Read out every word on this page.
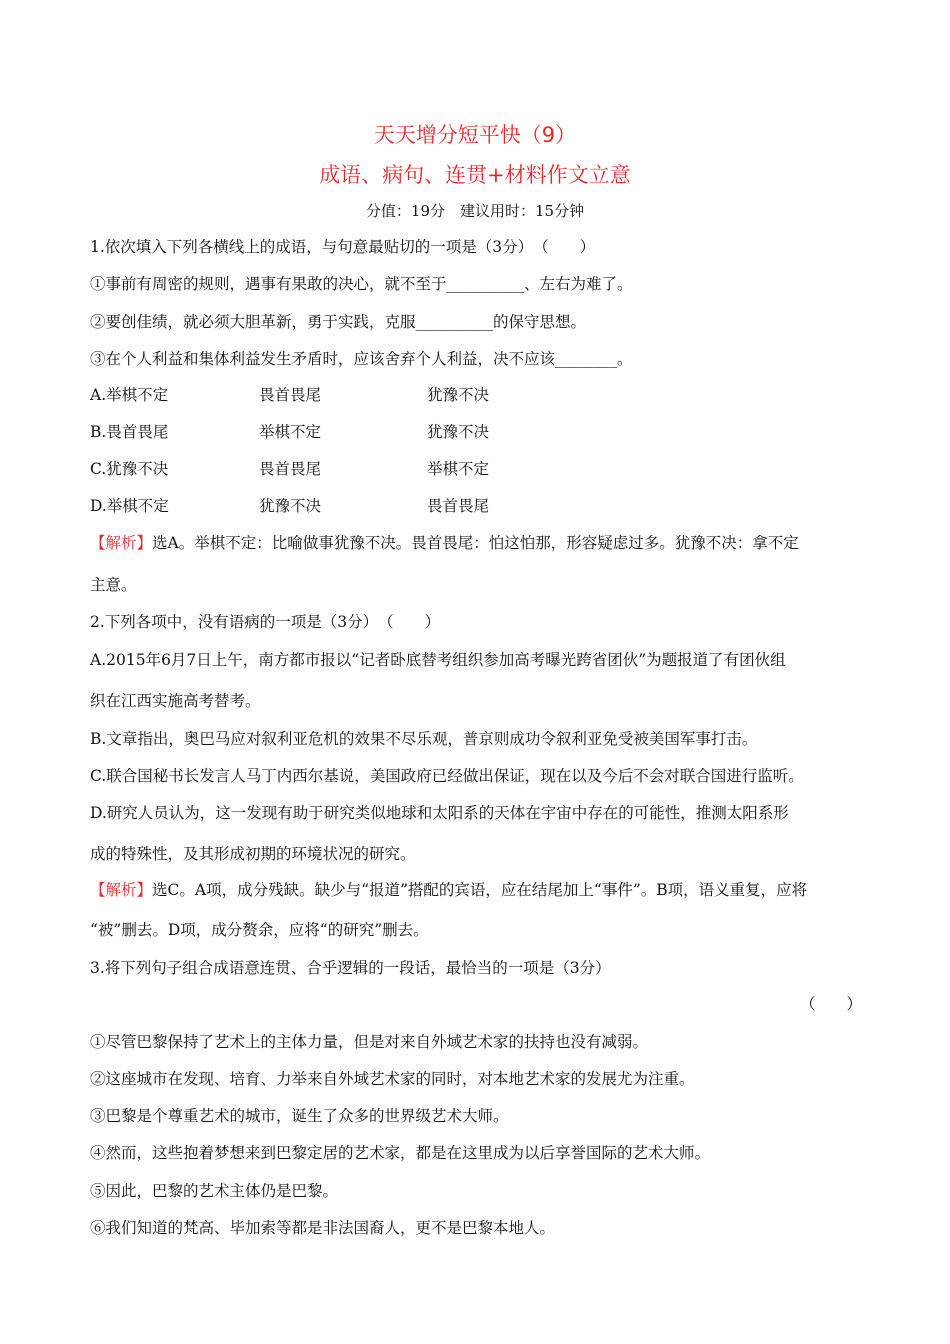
天天增分短平快（9）
成语、病句、连贯+材料作文立意
分值：19分　建议用时：15分钟
1.依次填入下列各横线上的成语，与句意最贴切的一项是（3分）　（　　）
①事前有周密的规则，遇事有果敢的决心，就不至于__________、左右为难了。
②要创佳绩，就必须大胆革新，勇于实践，克服__________的保守思想。
③在个人利益和集体利益发生矛盾时，应该舍弃个人利益，决不应该________。
A.举棋不定	畏首畏尾	犹豫不决
B.畏首畏尾	举棋不定	犹豫不决
C.犹豫不决	畏首畏尾	举棋不定
D.举棋不定	犹豫不决	畏首畏尾
【解析】选A。举棋不定：比喻做事犹豫不决。畏首畏尾：怕这怕那，形容疑虑过多。犹豫不决：拿不定
主意。
2.下列各项中，没有语病的一项是（3分）　（　　）
A.2015年6月7日上午，南方都市报以“记者卧底替考组织参加高考曝光跨省团伙”为题报道了有团伙组
织在江西实施高考替考。
B.文章指出，奥巴马应对叙利亚危机的效果不尽乐观，普京则成功令叙利亚免受被美国军事打击。
C.联合国秘书长发言人马丁内西尔基说，美国政府已经做出保证，现在以及今后不会对联合国进行监听。
D.研究人员认为，这一发现有助于研究类似地球和太阳系的天体在宇宙中存在的可能性，推测太阳系形
成的特殊性，及其形成初期的环境状况的研究。
【解析】选C。A项，成分残缺。缺少与“报道”搭配的宾语，应在结尾加上“事件”。B项，语义重复，应将
“被”删去。D项，成分赘余，应将“的研究”删去。
3.将下列句子组合成语意连贯、合乎逻辑的一段话，最恰当的一项是（3分）
（　　）
①尽管巴黎保持了艺术上的主体力量，但是对来自外域艺术家的扶持也没有减弱。
②这座城市在发现、培育、力举来自外域艺术家的同时，对本地艺术家的发展尤为注重。
③巴黎是个尊重艺术的城市，诞生了众多的世界级艺术大师。
④然而，这些抱着梦想来到巴黎定居的艺术家，都是在这里成为以后享誉国际的艺术大师。
⑤因此，巴黎的艺术主体仍是巴黎。
⑥我们知道的梵高、毕加索等都是非法国裔人，更不是巴黎本地人。
